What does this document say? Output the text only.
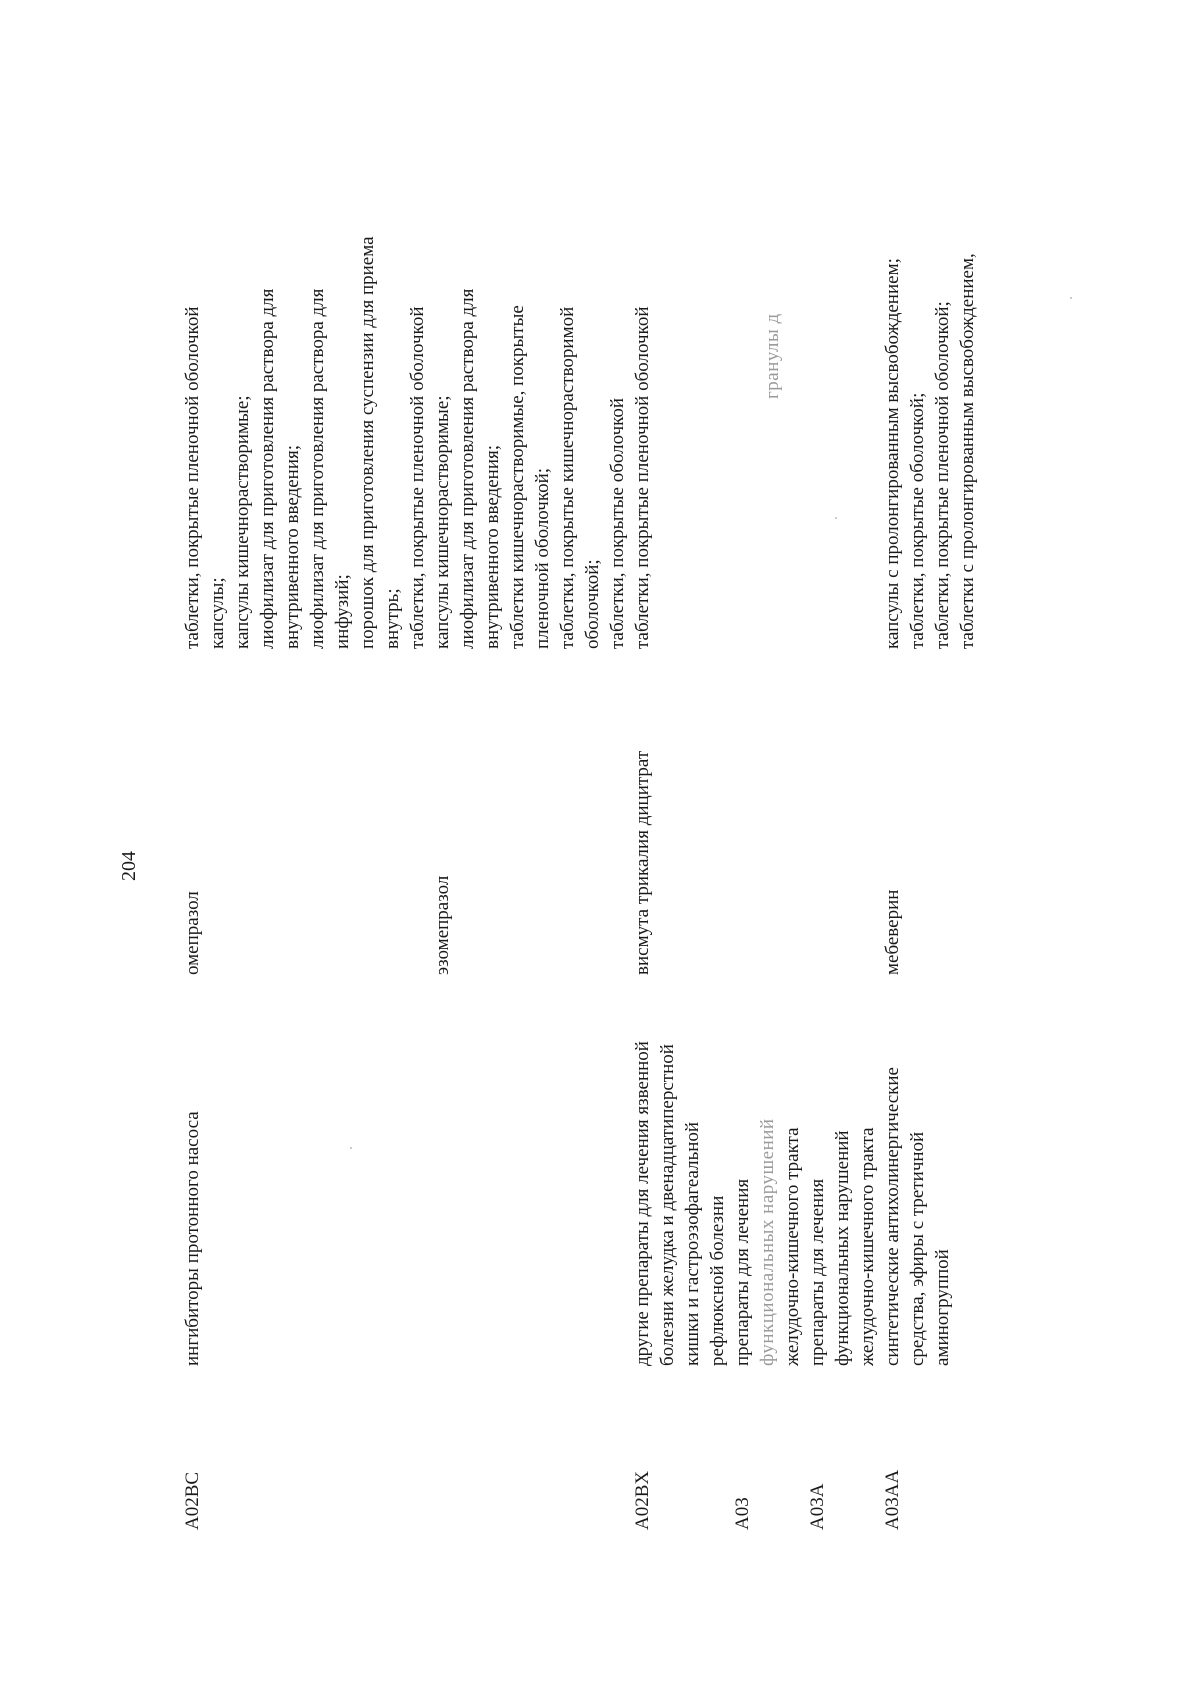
204
A02BC
ингибиторы протонного насоса
омепразол
таблетки, покрытые пленочной оболочкой капсулы; капсулы кишечнорастворимые; лиофилизат для приготовления раствора для внутривенного введения; лиофилизат для приготовления раствора для инфузий; порошок для приготовления суспензии для приема внутрь; таблетки, покрытые пленочной оболочкой
эзомепразол
капсулы кишечнорастворимые; лиофилизат для приготовления раствора для внутривенного введения; таблетки кишечнорастворимые, покрытые пленочной оболочкой; таблетки, покрытые кишечнорастворимой оболочкой; таблетки, покрытые оболочкой
A02BX
другие препараты для лечения язвенной болезни желудка и двенадцатиперстной кишки и гастроэзофагеальной рефлюксной болезни
висмута трикалия дицитрат
таблетки, покрытые пленочной оболочкой
A03
препараты для лечения функциональных нарушений желудочно-кишечного тракта
гранулы д
A03A
препараты для лечения функциональных нарушений желудочно-кишечного тракта
A03AA
синтетические антихолинергические средства, эфиры с третичной аминогруппой
мебеверин
капсулы с пролонгированным высвобождением; таблетки, покрытые оболочкой; таблетки, покрытые пленочной оболочкой; таблетки с пролонгированным высвобождением,
